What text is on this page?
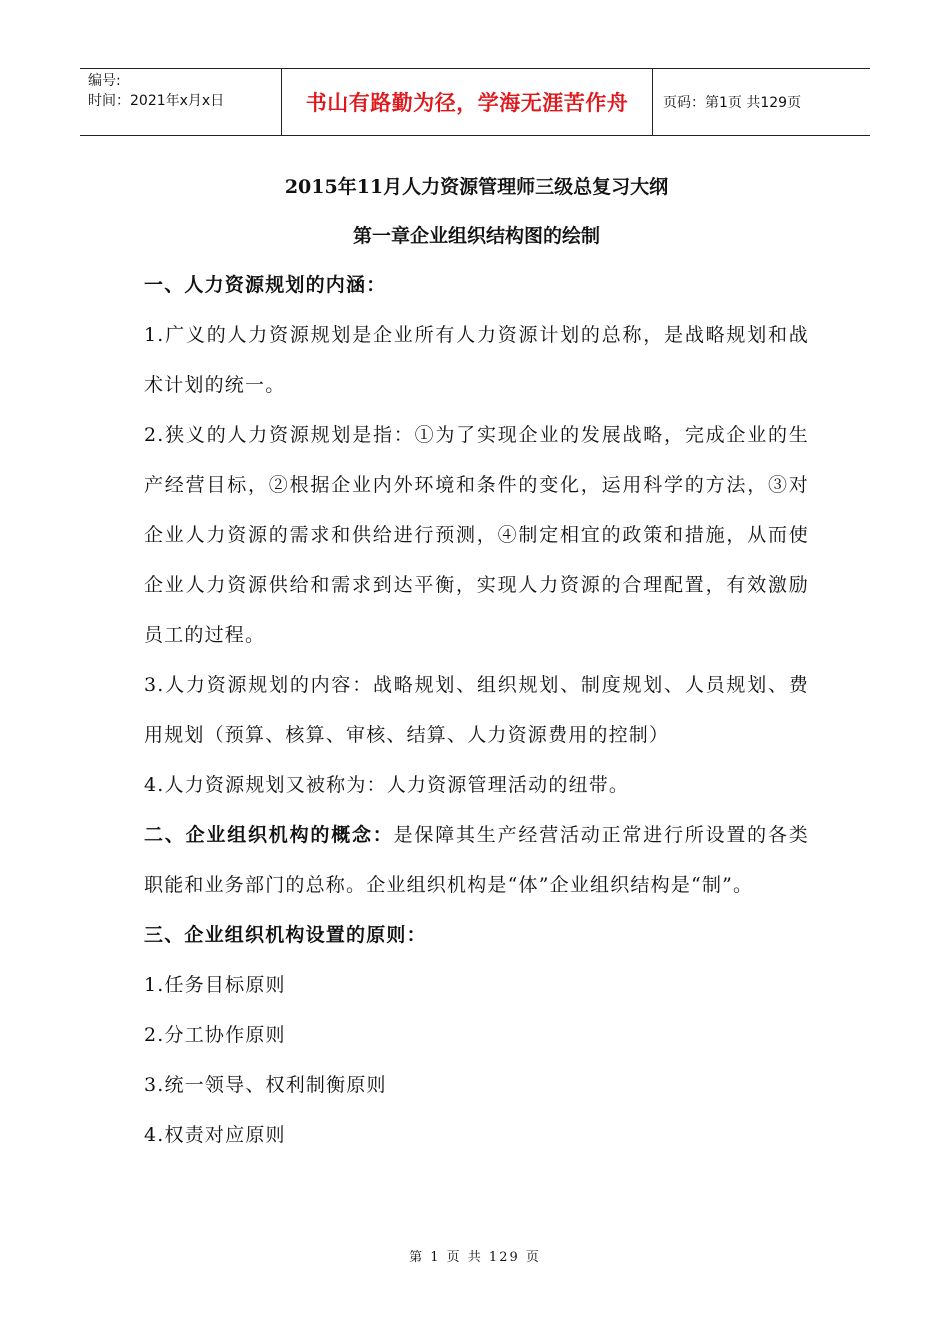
编号:
时间：2021年x月x日	书山有路勤为径，学海无涯苦作舟 页码：第1页 共129页

2015年11月人力资源管理师三级总复习大纲

第一章企业组织结构图的绘制

一、人力资源规划的内涵：

1.广义的人力资源规划是企业所有人力资源计划的总称，是战略规划和战术计划的统一。

2.狭义的人力资源规划是指：①为了实现企业的发展战略，完成企业的生产经营目标，②根据企业内外环境和条件的变化，运用科学的方法，③对企业人力资源的需求和供给进行预测，④制定相宜的政策和措施，从而使企业人力资源供给和需求到达平衡，实现人力资源的合理配置，有效激励员工的过程。

3.人力资源规划的内容：战略规划、组织规划、制度规划、人员规划、费用规划（预算、核算、审核、结算、人力资源费用的控制）

4.人力资源规划又被称为：人力资源管理活动的纽带。

二、企业组织机构的概念：是保障其生产经营活动正常进行所设置的各类职能和业务部门的总称。企业组织机构是“体”企业组织结构是“制”。

三、企业组织机构设置的原则：

1.任务目标原则

2.分工协作原则

3.统一领导、权利制衡原则

4.权责对应原则

第 1 页 共 129 页
